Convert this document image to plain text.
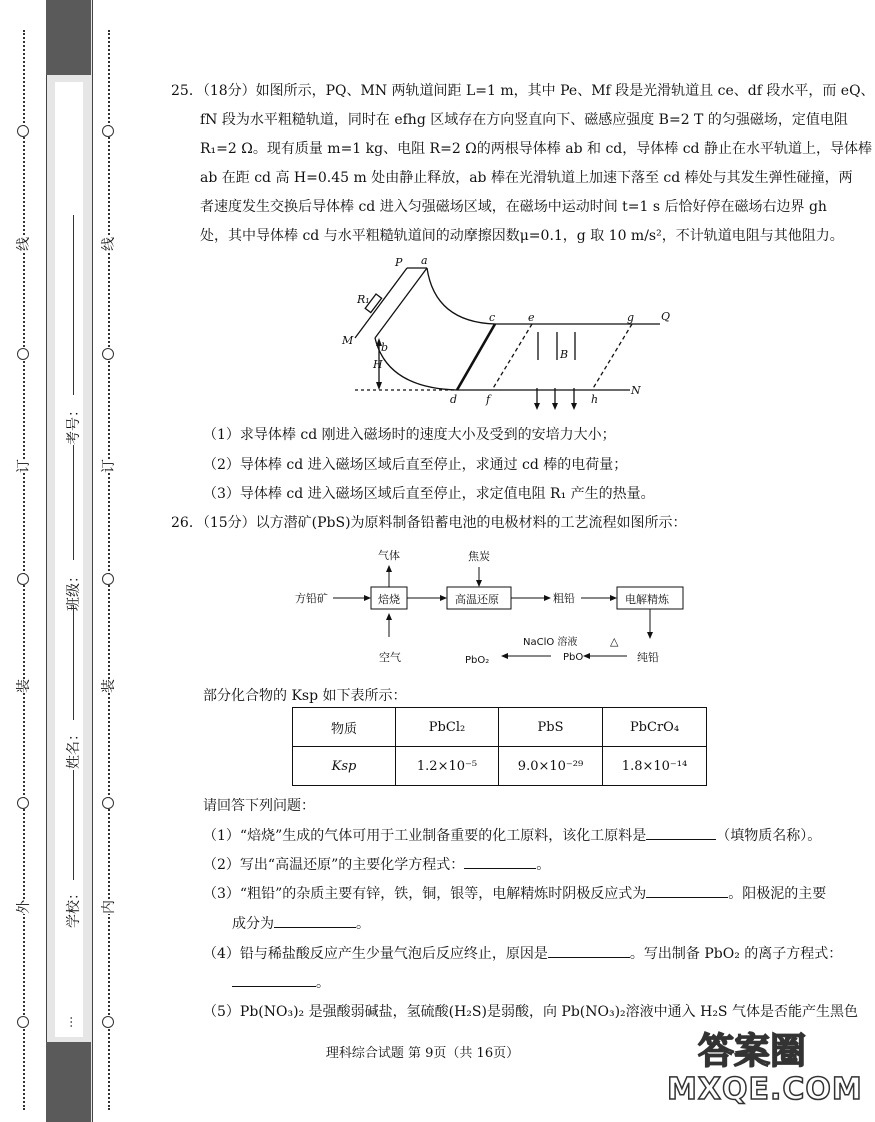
线
订
装
外
线
订
装
内
考号：
班级：
姓名：
学校：
…
25．（18分）如图所示，PQ、MN 两轨道间距 L=1 m，其中 Pe、Mf 段是光滑轨道且 ce、df 段水平，而 eQ、
fN 段为水平粗糙轨道，同时在 efhg 区域存在方向竖直向下、磁感应强度 B=2 T 的匀强磁场，定值电阻
R₁=2 Ω。现有质量 m=1 kg、电阻 R=2 Ω的两根导体棒 ab 和 cd，导体棒 cd 静止在水平轨道上，导体棒
ab 在距 cd 高 H=0.45 m 处由静止释放，ab 棒在光滑轨道上加速下落至 cd 棒处与其发生弹性碰撞，两
者速度发生交换后导体棒 cd 进入匀强磁场区域，在磁场中运动时间 t=1 s 后恰好停在磁场右边界 gh
处，其中导体棒 cd 与水平粗糙轨道间的动摩擦因数μ=0.1，g 取 10 m/s²，不计轨道电阻与其他阻力。
P a
R₁
M
b
H
c	e	g Q
B
d	f	h
N
（1）求导体棒 cd 刚进入磁场时的速度大小及受到的安培力大小；
（2）导体棒 cd 进入磁场区域后直至停止，求通过 cd 棒的电荷量；
（3）导体棒 cd 进入磁场区域后直至停止，求定值电阻 R₁ 产生的热量。
26．（15分）以方潜矿(PbS)为原料制备铅蓄电池的电极材料的工艺流程如图所示：
方铅矿	焙烧
气体
空气
焦炭
高温还原	粗铅	电解精炼
纯铅
△
NaClO 溶液
PbO
PbO₂
部分化合物的 Ksp 如下表所示：
物质	PbCl₂	PbS	PbCrO₄
Ksp	1.2×10⁻⁵	9.0×10⁻²⁹	1.8×10⁻¹⁴
请回答下列问题：
（1）“焙烧”生成的气体可用于工业制备重要的化工原料，该化工原料是	（填物质名称）。
（2）写出“高温还原”的主要化学方程式：	。
（3）“粗铅”的杂质主要有锌，铁，铜，银等，电解精炼时阴极反应式为	。阳极泥的主要
成分为	。
（4）铅与稀盐酸反应产生少量气泡后反应终止，原因是	。写出制备 PbO₂ 的离子方程式：
。
（5）Pb(NO₃)₂ 是强酸弱碱盐，氢硫酸(H₂S)是弱酸，向 Pb(NO₃)₂溶液中通入 H₂S 气体是否能产生黑色
理科综合试题 第 9页（共 16页）	答案圈
MXQE.COM
